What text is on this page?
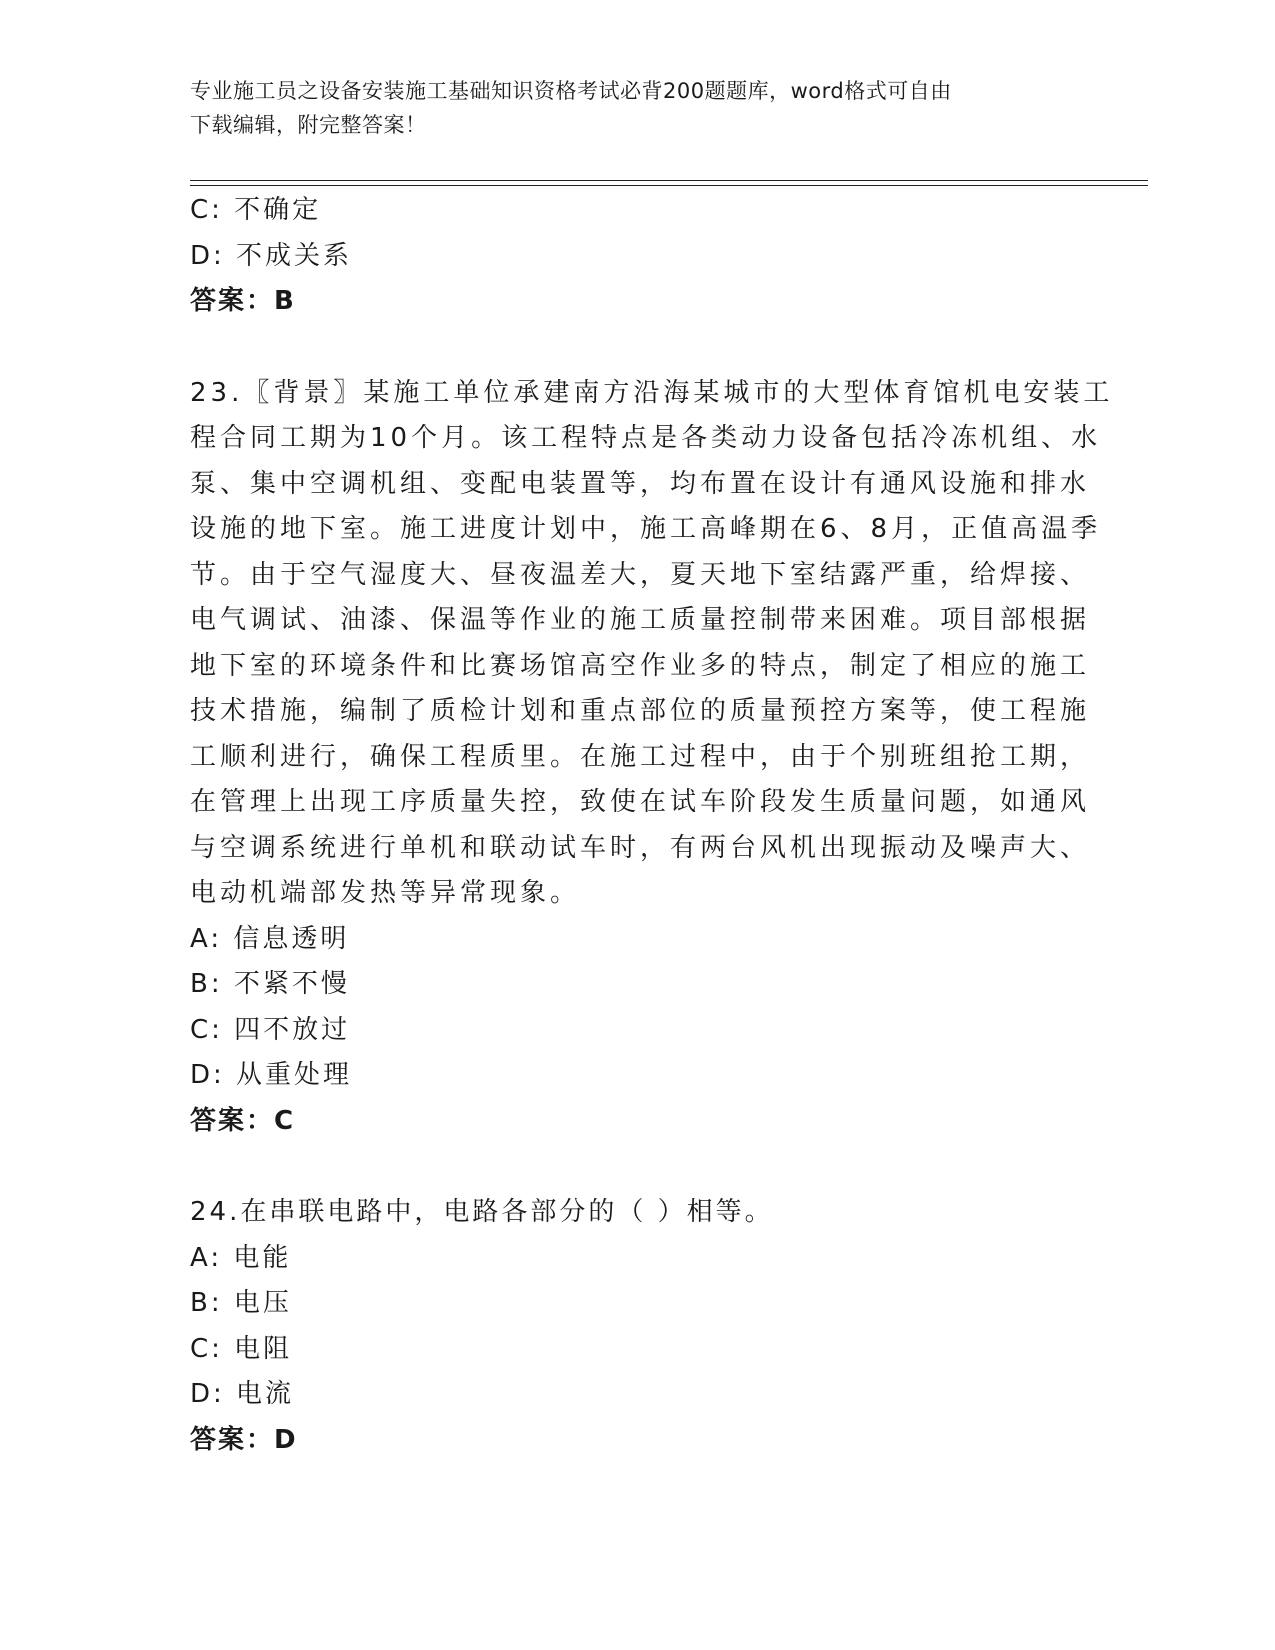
专业施工员之设备安装施工基础知识资格考试必背200题题库，word格式可自由
下载编辑，附完整答案！
C: 不确定
D: 不成关系
答案：B
23.〖背景〗某施工单位承建南方沿海某城市的大型体育馆机电安装工
程合同工期为10个月。该工程特点是各类动力设备包括冷冻机组、水
泵、集中空调机组、变配电装置等，均布置在设计有通风设施和排水
设施的地下室。施工进度计划中，施工高峰期在6、8月，正值高温季
节。由于空气湿度大、昼夜温差大，夏天地下室结露严重，给焊接、
电气调试、油漆、保温等作业的施工质量控制带来困难。项目部根据
地下室的环境条件和比赛场馆高空作业多的特点，制定了相应的施工
技术措施，编制了质检计划和重点部位的质量预控方案等，使工程施
工顺利进行，确保工程质里。在施工过程中，由于个别班组抢工期，
在管理上出现工序质量失控，致使在试车阶段发生质量问题，如通风
与空调系统进行单机和联动试车时，有两台风机出现振动及噪声大、
电动机端部发热等异常现象。
A: 信息透明
B: 不紧不慢
C: 四不放过
D: 从重处理
答案：C
24.在串联电路中，电路各部分的（ ）相等。
A: 电能
B: 电压
C: 电阻
D: 电流
答案：D
